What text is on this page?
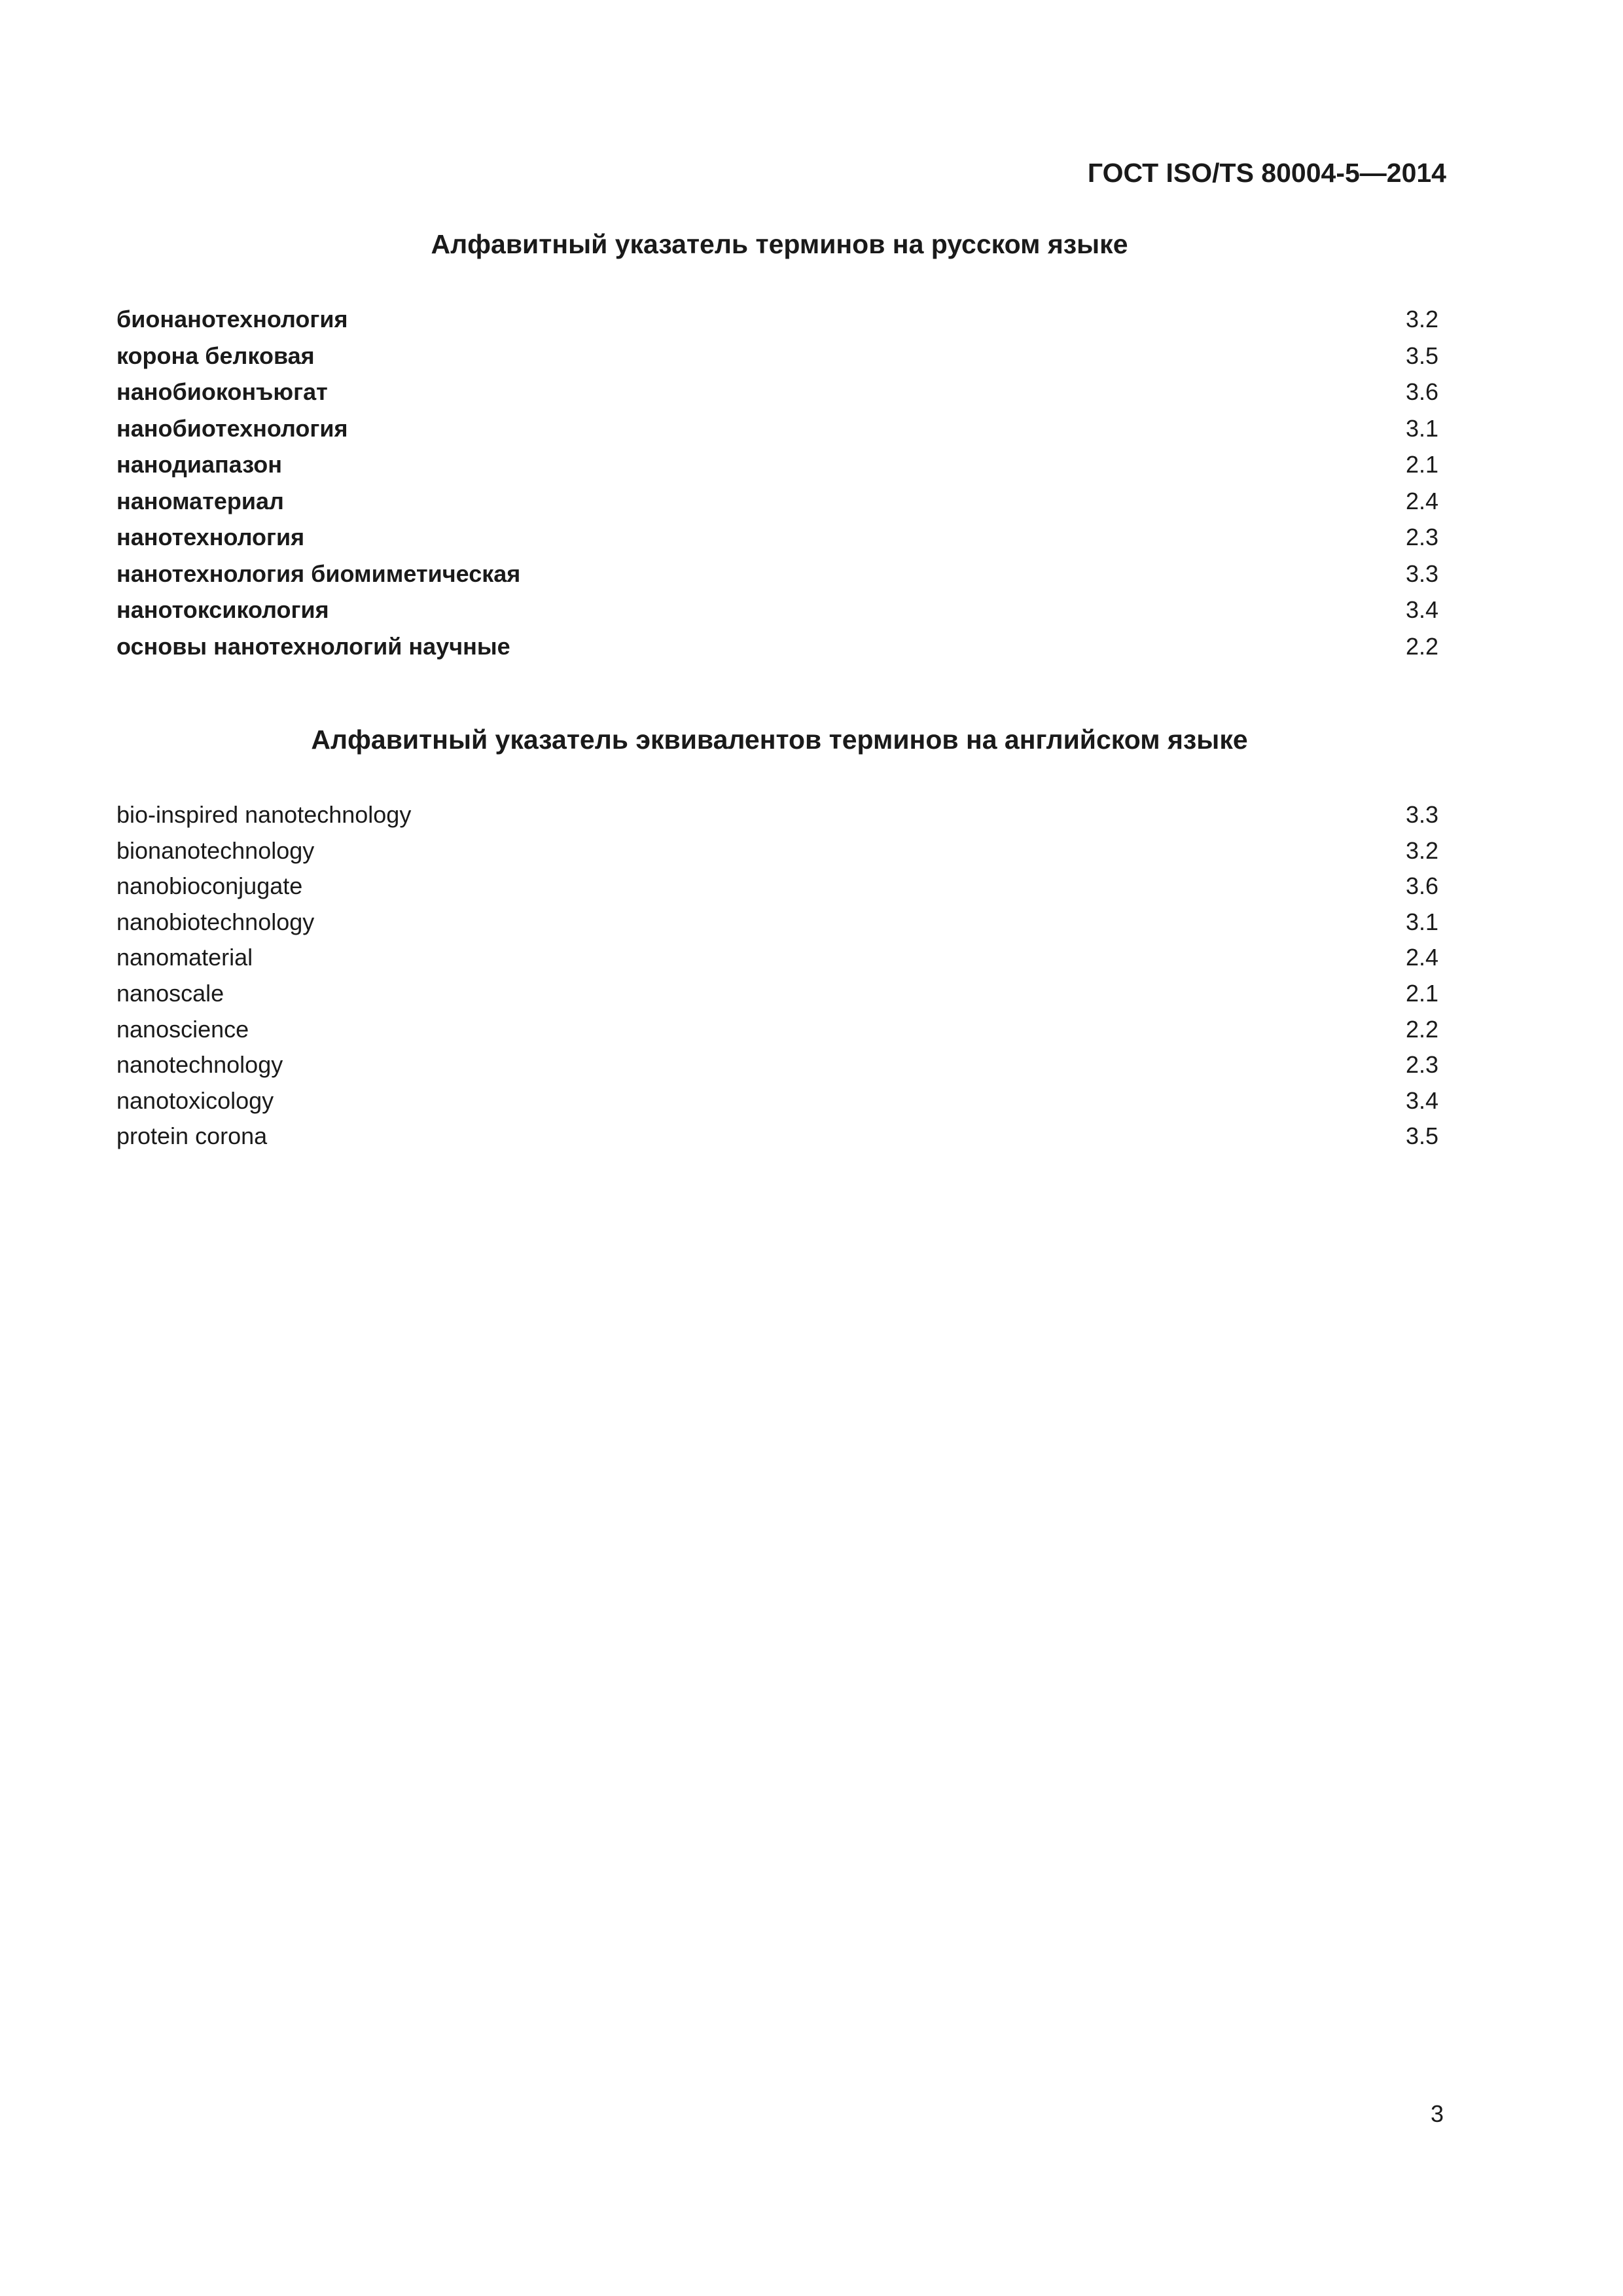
ГОСТ ISO/TS 80004-5—2014
Алфавитный указатель терминов на русском языке
бионанотехнология	3.2
корона белковая	3.5
нанобиоконъюгат	3.6
нанобиотехнология	3.1
нанодиапазон	2.1
наноматериал	2.4
нанотехнология	2.3
нанотехнология биомиметическая	3.3
нанотоксикология	3.4
основы нанотехнологий научные	2.2
Алфавитный указатель эквивалентов терминов на английском языке
bio-inspired nanotechnology	3.3
bionanotechnology	3.2
nanobioconjugate	3.6
nanobiotechnology	3.1
nanomaterial	2.4
nanoscale	2.1
nanoscience	2.2
nanotechnology	2.3
nanotoxicology	3.4
protein corona	3.5
3
